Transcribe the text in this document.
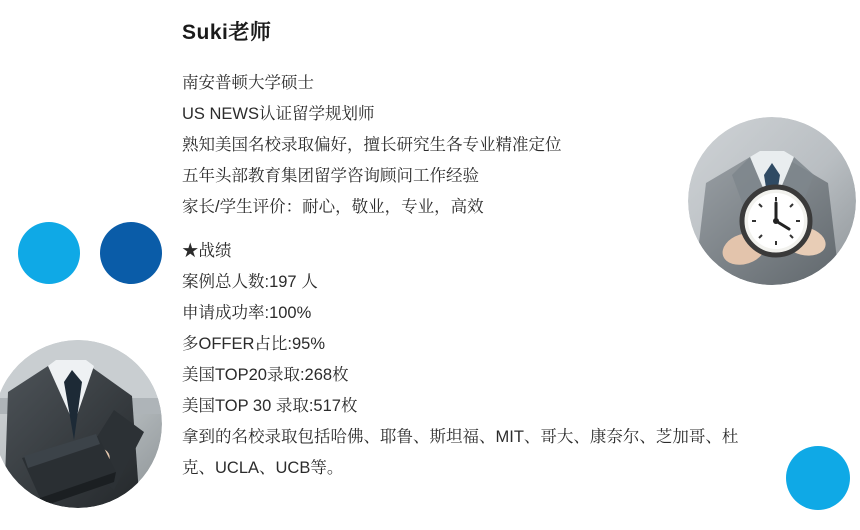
Suki老师
南安普顿大学硕士
US NEWS认证留学规划师
熟知美国名校录取偏好，擅长研究生各专业精准定位
五年头部教育集团留学咨询顾问工作经验
家长/学生评价：耐心，敬业，专业，高效
★战绩
案例总人数:197 人
申请成功率:100%
多OFFER占比:95%
美国TOP20录取:268枚
美国TOP 30 录取:517枚
拿到的名校录取包括哈佛、耶鲁、斯坦福、MIT、哥大、康奈尔、芝加哥、杜克、UCLA、UCB等。
